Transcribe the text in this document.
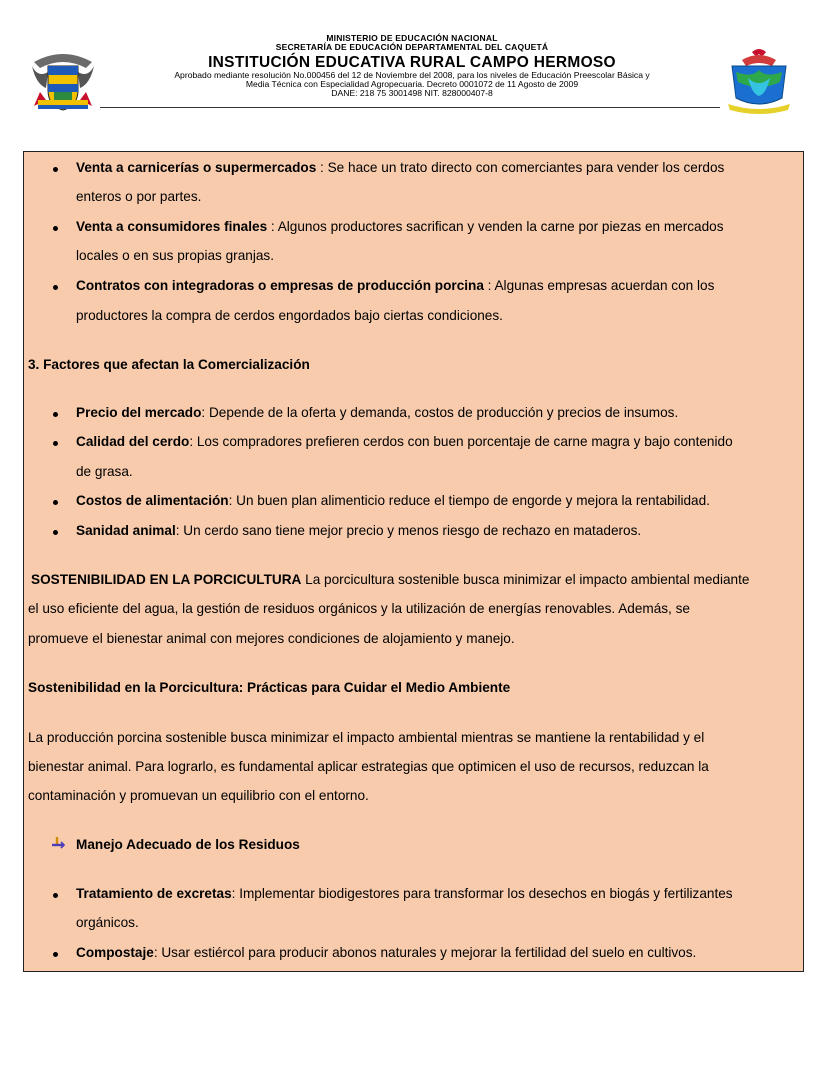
MINISTERIO DE EDUCACIÓN NACIONAL
SECRETARÍA DE EDUCACIÓN DEPARTAMENTAL DEL CAQUETÁ
INSTITUCIÓN EDUCATIVA RURAL CAMPO HERMOSO
Aprobado mediante resolución No.000456 del 12 de Noviembre del 2008, para los niveles de Educación Preescolar Básica y
Media Técnica con Especialidad Agropecuaria. Decreto 0001072 de 11 Agosto de 2009
DANE: 218 75 3001498 NIT. 828000407-8
Venta a carnicerías o supermercados : Se hace un trato directo con comerciantes para vender los cerdos
enteros o por partes.
Venta a consumidores finales : Algunos productores sacrifican y venden la carne por piezas en mercados
locales o en sus propias granjas.
Contratos con integradoras o empresas de producción porcina : Algunas empresas acuerdan con los
productores la compra de cerdos engordados bajo ciertas condiciones.
3. Factores que afectan la Comercialización
Precio del mercado: Depende de la oferta y demanda, costos de producción y precios de insumos.
Calidad del cerdo: Los compradores prefieren cerdos con buen porcentaje de carne magra y bajo contenido
de grasa.
Costos de alimentación: Un buen plan alimenticio reduce el tiempo de engorde y mejora la rentabilidad.
Sanidad animal: Un cerdo sano tiene mejor precio y menos riesgo de rechazo en mataderos.
SOSTENIBILIDAD EN LA PORCICULTURA La porcicultura sostenible busca minimizar el impacto ambiental mediante
el uso eficiente del agua, la gestión de residuos orgánicos y la utilización de energías renovables. Además, se
promueve el bienestar animal con mejores condiciones de alojamiento y manejo.
Sostenibilidad en la Porcicultura: Prácticas para Cuidar el Medio Ambiente
La producción porcina sostenible busca minimizar el impacto ambiental mientras se mantiene la rentabilidad y el
bienestar animal. Para lograrlo, es fundamental aplicar estrategias que optimicen el uso de recursos, reduzcan la
contaminación y promuevan un equilibrio con el entorno.
Manejo Adecuado de los Residuos
Tratamiento de excretas: Implementar biodigestores para transformar los desechos en biogás y fertilizantes
orgánicos.
Compostaje: Usar estiércol para producir abonos naturales y mejorar la fertilidad del suelo en cultivos.
